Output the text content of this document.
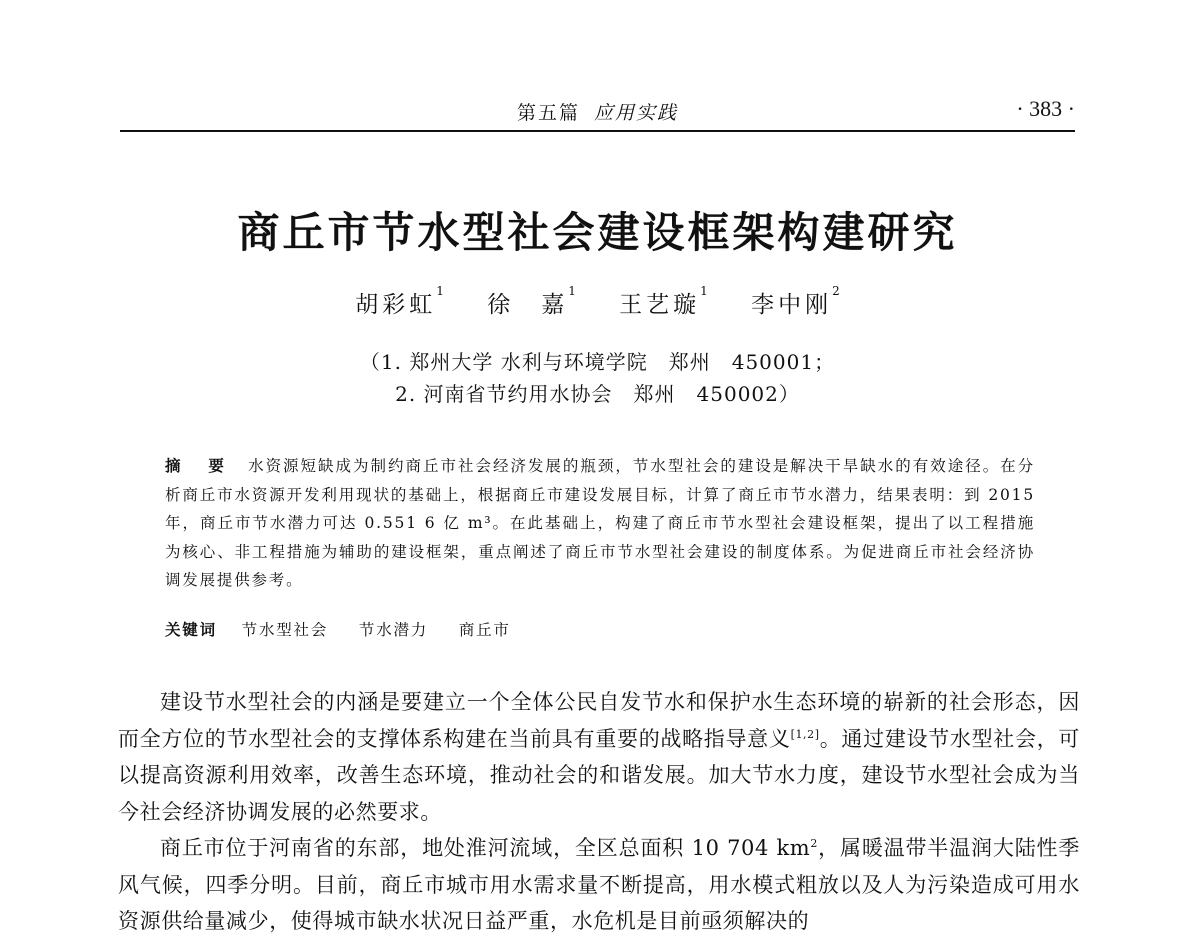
第五篇 应用实践	· 383 ·
商丘市节水型社会建设框架构建研究
胡彩虹$^1$ 徐　嘉$^1$ 王艺璇$^1$ 李中刚$^2$
（1. 郑州大学 水利与环境学院　郑州　450001；
2. 河南省节约用水协会　郑州　450002）
摘　要 水资源短缺成为制约商丘市社会经济发展的瓶颈，节水型社会的建设是解决干旱缺水的有效途径。在分析商丘市水资源开发利用现状的基础上，根据商丘市建设发展目标，计算了商丘市节水潜力，结果表明：到 2015 年，商丘市节水潜力可达 0.551 6 亿 m³。在此基础上，构建了商丘市节水型社会建设框架，提出了以工程措施为核心、非工程措施为辅助的建设框架，重点阐述了商丘市节水型社会建设的制度体系。为促进商丘市社会经济协调发展提供参考。
关键词 节水型社会 节水潜力 商丘市

建设节水型社会的内涵是要建立一个全体公民自发节水和保护水生态环境的崭新的社会形态，因而全方位的节水型社会的支撑体系构建在当前具有重要的战略指导意义[1,2]。通过建设节水型社会，可以提高资源利用效率，改善生态环境，推动社会的和谐发展。加大节水力度，建设节水型社会成为当今社会经济协调发展的必然要求。

商丘市位于河南省的东部，地处淮河流域，全区总面积 10 704 $km^2$，属暖温带半温润大陆性季风气候，四季分明。目前，商丘市城市用水需求量不断提高，用水模式粗放以及人为污染造成可用水资源供给量减少，使得城市缺水状况日益严重，水危机是目前亟须解决的
